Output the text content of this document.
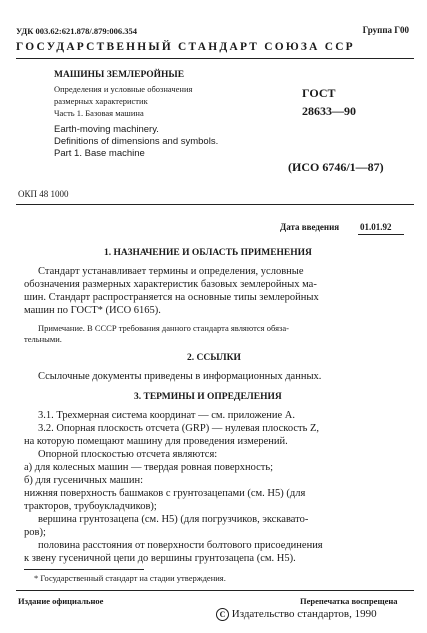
УДК 003.62:621.878/.879:006.354	Группа Г00
ГОСУДАРСТВЕННЫЙ СТАНДАРТ СОЮЗА ССР
МАШИНЫ ЗЕМЛЕРОЙНЫЕ
Определения и условные обозначения
размерных характеристик
Часть 1. Базовая машина
Earth-moving machinery.
Definitions of dimensions and symbols.
Part 1. Base machine
ГОСТ
28633—90
(ИСО 6746/1—87)
ОКП 48 1000
Дата введения 01.01.92
1. НАЗНАЧЕНИЕ И ОБЛАСТЬ ПРИМЕНЕНИЯ
Стандарт устанавливает термины и определения, условные
обозначения размерных характеристик базовых землеройных ма-
шин. Стандарт распространяется на основные типы землеройных
машин по ГОСТ* (ИСО 6165).
Примечание. В СССР требования данного стандарта являются обяза-
тельными.
2. ССЫЛКИ
Ссылочные документы приведены в информационных данных.
3. ТЕРМИНЫ И ОПРЕДЕЛЕНИЯ
3.1. Трехмерная система координат — см. приложение А.
3.2. Опорная плоскость отсчета (GRP) — нулевая плоскость Z,
на которую помещают машину для проведения измерений.
Опорной плоскостью отсчета являются:
а) для колесных машин — твердая ровная поверхность;
б) для гусеничных машин:
нижняя поверхность башмаков с грунтозацепами (см. H5) (для
тракторов, трубоукладчиков);
вершина грунтозацепа (см. H5) (для погрузчиков, экскавато-
ров);
половина расстояния от поверхности болтового присоединения
к звену гусеничной цепи до вершины грунтозацепа (см. H5).
* Государственный стандарт на стадии утверждения.
Издание официальное	Перепечатка воспрещена
С Издательство стандартов, 1990
